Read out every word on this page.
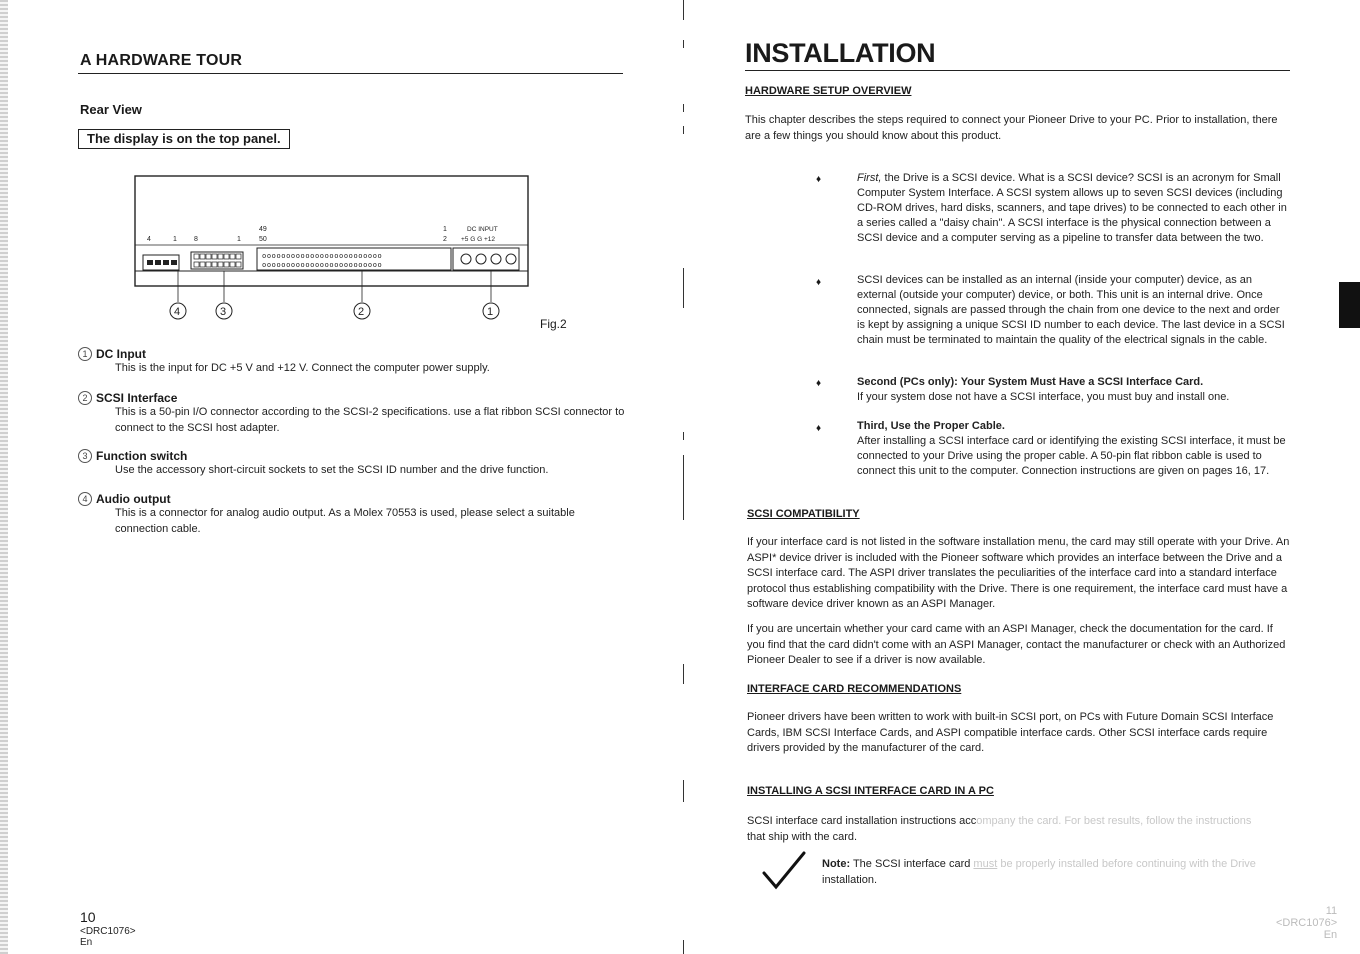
A HARDWARE TOUR
Rear View
The display is on the top panel.
ooooooooooooooooooooooooo
ooooooooooooooooooooooooo
4	1 8	1
49
50
1
2
DC INPUT
+5 G G +12
4	3	2	1
Fig.2
1 DC Input
This is the input for DC +5 V and +12 V. Connect the computer power supply.
2 SCSI Interface
This is a 50-pin I/O connector according to the SCSI-2 specifications. use a flat ribbon SCSI connector to connect to the SCSI host adapter.
3 Function switch
Use the accessory short-circuit sockets to set the SCSI ID number and the drive function.
4 Audio output
This is a connector for analog audio output. As a Molex 70553 is used, please select a suitable connection cable.
10
<DRC1076>
En
INSTALLATION
HARDWARE SETUP OVERVIEW
This chapter describes the steps required to connect your Pioneer Drive to your PC. Prior to installation, there are a few things you should know about this product.
♦	First, the Drive is a SCSI device. What is a SCSI device? SCSI is an acronym for Small Computer System Interface. A SCSI system allows up to seven SCSI devices (including CD-ROM drives, hard disks, scanners, and tape drives) to be connected to each other in a series called a "daisy chain". A SCSI interface is the physical connection between a SCSI device and a computer serving as a pipeline to transfer data between the two.
♦	SCSI devices can be installed as an internal (inside your computer) device, as an external (outside your computer) device, or both. This unit is an internal drive. Once connected, signals are passed through the chain from one device to the next and order is kept by assigning a unique SCSI ID number to each device. The last device in a SCSI chain must be terminated to maintain the quality of the electrical signals in the cable.
♦	Second (PCs only): Your System Must Have a SCSI Interface Card.
If your system dose not have a SCSI interface, you must buy and install one.
♦	Third, Use the Proper Cable.
After installing a SCSI interface card or identifying the existing SCSI interface, it must be connected to your Drive using the proper cable. A 50-pin flat ribbon cable is used to connect this unit to the computer. Connection instructions are given on pages 16, 17.
SCSI COMPATIBILITY
If your interface card is not listed in the software installation menu, the card may still operate with your Drive. An ASPI* device driver is included with the Pioneer software which provides an interface between the Drive and a SCSI interface card. The ASPI driver translates the peculiarities of the interface card into a standard interface protocol thus establishing compatibility with the Drive. There is one requirement, the interface card must have a software device driver known as an ASPI Manager.
If you are uncertain whether your card came with an ASPI Manager, check the documentation for the card. If you find that the card didn't come with an ASPI Manager, contact the manufacturer or check with an Authorized Pioneer Dealer to see if a driver is now available.
INTERFACE CARD RECOMMENDATIONS
Pioneer drivers have been written to work with built-in SCSI port, on PCs with Future Domain SCSI Interface Cards, IBM SCSI Interface Cards, and ASPI compatible interface cards. Other SCSI interface cards require drivers provided by the manufacturer of the card.
INSTALLING A SCSI INTERFACE CARD IN A PC
SCSI interface card installation instructions accompany the card. For best results, follow the instructions
that ship with the card.
Note: The SCSI interface card must be properly installed before continuing with the Drive
installation.
11
<DRC1076>
En
